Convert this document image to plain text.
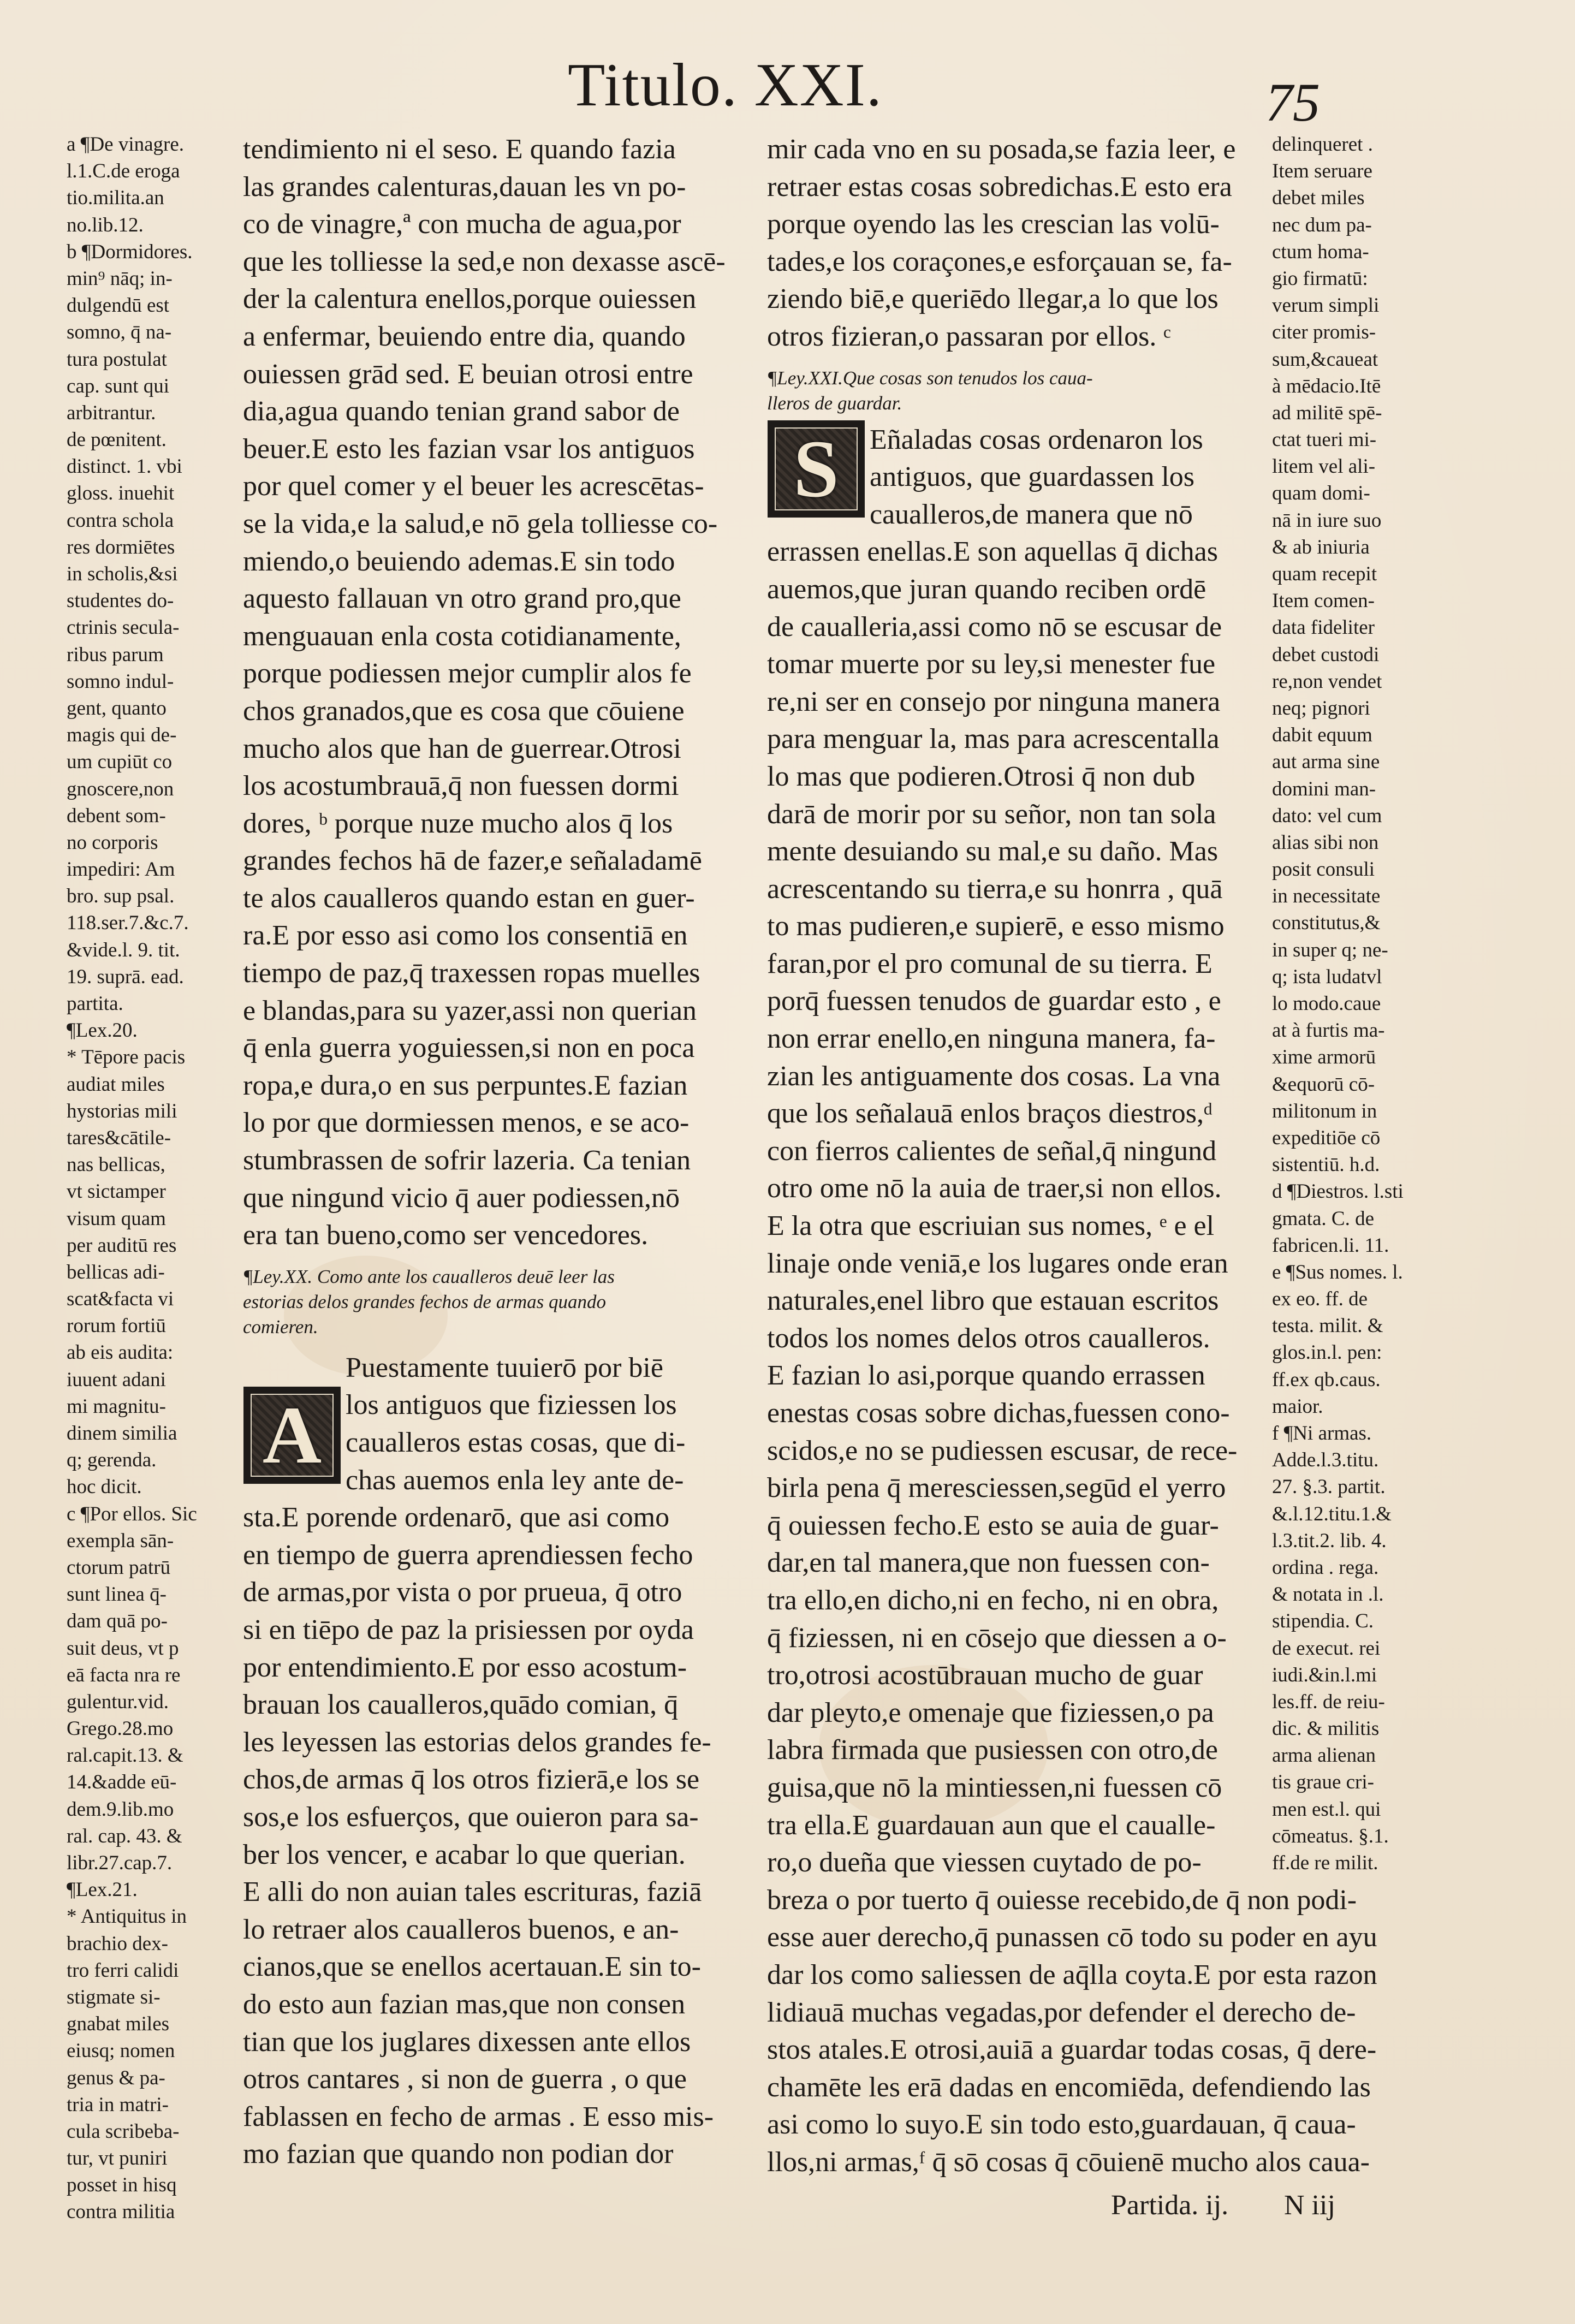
Titulo. XXI.	75
a ¶De vinagre.
l.1.C.de eroga
tio.milita.an
no.lib.12.
b ¶Dormidores.
min⁹ nāq; in-
dulgendū est
somno, q̄ na-
tura postulat
cap. sunt qui
arbitrantur.
de pœnitent.
distinct. 1. vbi
gloss. inuehit
contra schola
res dormiētes
in scholis,&si
studentes do-
ctrinis secula-
ribus parum
somno indul-
gent, quanto
magis qui de-
um cupiūt co
gnoscere,non
debent som-
no corporis
impediri: Am
bro. sup psal.
118.ser.7.&c.7.
&vide.l. 9. tit.
19. suprā. ead.
partita.
¶Lex.20.
* Tēpore pacis
audiat miles
hystorias mili
tares&cātile-
nas bellicas,
vt sictamper
visum quam
per auditū res
bellicas adi-
scat&facta vi
rorum fortiū
ab eis audita:
iuuent adani
mi magnitu-
dinem similia
q; gerenda.
hoc dicit.
c ¶Por ellos. Sic
exempla sān-
ctorum patrū
sunt linea q̄-
dam quā po-
suit deus, vt p
eā facta nra re
gulentur.vid.
Grego.28.mo
ral.capit.13. &
14.&adde eū-
dem.9.lib.mo
ral. cap. 43. &
libr.27.cap.7.
¶Lex.21.
* Antiquitus in
brachio dex-
tro ferri calidi
stigmate si-
gnabat miles
eiusq; nomen
genus & pa-
tria in matri-
cula scribeba-
tur, vt puniri
posset in hisq
contra militia
tendimiento ni el seso. E quando fazia
las grandes calenturas,dauan les vn po-
co de vinagre,ª con mucha de agua,por
que les tolliesse la sed,e non dexasse ascē-
der la calentura enellos,porque ouiessen
a enfermar, beuiendo entre dia, quando
ouiessen grād sed. E beuian otrosi entre
dia,agua quando tenian grand sabor de
beuer.E esto les fazian vsar los antiguos
por quel comer y el beuer les acrescētas-
se la vida,e la salud,e nō gela tolliesse co-
miendo,o beuiendo ademas.E sin todo
aquesto fallauan vn otro grand pro,que
menguauan enla costa cotidianamente,
porque podiessen mejor cumplir alos fe
chos granados,que es cosa que cōuiene
mucho alos que han de guerrear.Otrosi
los acostumbrauā,q̄ non fuessen dormi
dores, ᵇ porque nuze mucho alos q̄ los
grandes fechos hā de fazer,e señaladamē
te alos caualleros quando estan en guer-
ra.E por esso asi como los consentiā en
tiempo de paz,q̄ traxessen ropas muelles
e blandas,para su yazer,assi non querian
q̄ enla guerra yoguiessen,si non en poca
ropa,e dura,o en sus perpuntes.E fazian
lo por que dormiessen menos, e se aco-
stumbrassen de sofrir lazeria. Ca tenian
que ningund vicio q̄ auer podiessen,nō
era tan bueno,como ser vencedores.
¶Ley.XX. Como ante los caualleros deuē leer las
estorias delos grandes fechos de armas quando
comieren.
Puestamente tuuierō por biē
los antiguos que fiziessen los
caualleros estas cosas, que di-
chas auemos enla ley ante de-
sta.E porende ordenarō, que asi como
en tiempo de guerra aprendiessen fecho
de armas,por vista o por prueua, q̄ otro
si en tiēpo de paz la prisiessen por oyda
por entendimiento.E por esso acostum-
brauan los caualleros,quādo comian, q̄
les leyessen las estorias delos grandes fe-
chos,de armas q̄ los otros fizierā,e los se
sos,e los esfuerços, que ouieron para sa-
ber los vencer, e acabar lo que querian.
E alli do non auian tales escrituras, faziā
lo retraer alos caualleros buenos, e an-
cianos,que se enellos acertauan.E sin to-
do esto aun fazian mas,que non consen
tian que los juglares dixessen ante ellos
otros cantares , si non de guerra , o que
fablassen en fecho de armas . E esso mis-
mo fazian que quando non podian dor
A
mir cada vno en su posada,se fazia leer, e
retraer estas cosas sobredichas.E esto era
porque oyendo las les crescian las volū-
tades,e los coraçones,e esforçauan se, fa-
ziendo biē,e queriēdo llegar,a lo que los
otros fizieran,o passaran por ellos. ᶜ
¶Ley.XXI.Que cosas son tenudos los caua-
lleros de guardar.
Eñaladas cosas ordenaron los
antiguos, que guardassen los
caualleros,de manera que nō
errassen enellas.E son aquellas q̄ dichas
auemos,que juran quando reciben ordē
de caualleria,assi como nō se escusar de
tomar muerte por su ley,si menester fue
re,ni ser en consejo por ninguna manera
para menguar la, mas para acrescentalla
lo mas que podieren.Otrosi q̄ non dub
darā de morir por su señor, non tan sola
mente desuiando su mal,e su daño. Mas
acrescentando su tierra,e su honrra , quā
to mas pudieren,e supierē, e esso mismo
faran,por el pro comunal de su tierra. E
porq̄ fuessen tenudos de guardar esto , e
non errar enello,en ninguna manera, fa-
zian les antiguamente dos cosas. La vna
que los señalauā enlos braços diestros,ᵈ
con fierros calientes de señal,q̄ ningund
otro ome nō la auia de traer,si non ellos.
E la otra que escriuian sus nomes, ᵉ e el
linaje onde veniā,e los lugares onde eran
naturales,enel libro que estauan escritos
todos los nomes delos otros caualleros.
E fazian lo asi,porque quando errassen
enestas cosas sobre dichas,fuessen cono-
scidos,e no se pudiessen escusar, de rece-
birla pena q̄ meresciessen,segūd el yerro
q̄ ouiessen fecho.E esto se auia de guar-
dar,en tal manera,que non fuessen con-
tra ello,en dicho,ni en fecho, ni en obra,
q̄ fiziessen, ni en cōsejo que diessen a o-
tro,otrosi acostūbrauan mucho de guar
dar pleyto,e omenaje que fiziessen,o pa
labra firmada que pusiessen con otro,de
guisa,que nō la mintiessen,ni fuessen cō
tra ella.E guardauan aun que el caualle-
ro,o dueña que viessen cuytado de po-
breza o por tuerto q̄ ouiesse recebido,de q̄ non podi-
esse auer derecho,q̄ punassen cō todo su poder en ayu
dar los como saliessen de aq̄lla coyta.E por esta razon
lidiauā muchas vegadas,por defender el derecho de-
stos atales.E otrosi,auiā a guardar todas cosas, q̄ dere-
chamēte les erā dadas en encomiēda, defendiendo las
asi como lo suyo.E sin todo esto,guardauan, q̄ caua-
llos,ni armas,ᶠ q̄ sō cosas q̄ cōuienē mucho alos caua-
S
delinqueret .
Item seruare
debet miles
nec dum pa-
ctum homa-
gio firmatū:
verum simpli
citer promis-
sum,&caueat
à mēdacio.Itē
ad militē spē-
ctat tueri mi-
litem vel ali-
quam domi-
nā in iure suo
& ab iniuria
quam recepit
Item comen-
data fideliter
debet custodi
re,non vendet
neq; pignori
dabit equum
aut arma sine
domini man-
dato: vel cum
alias sibi non
posit consuli
in necessitate
constitutus,&
in super q; ne-
q; ista ludatvl
lo modo.caue
at à furtis ma-
xime armorū
&equorū cō-
militonum in
expeditiōe cō
sistentiū. h.d.
d ¶Diestros. l.sti
gmata. C. de
fabricen.li. 11.
e ¶Sus nomes. l.
ex eo. ff. de
testa. milit. &
glos.in.l. pen:
ff.ex qb.caus.
maior.
f ¶Ni armas.
Adde.l.3.titu.
27. §.3. partit.
&.l.12.titu.1.&
l.3.tit.2. lib. 4.
ordina . rega.
& notata in .l.
stipendia. C.
de execut. rei
iudi.&in.l.mi
les.ff. de reiu-
dic. & militis
arma alienan
tis graue cri-
men est.l. qui
cōmeatus. §.1.
ff.de re milit.
Partida. ij. N iij
